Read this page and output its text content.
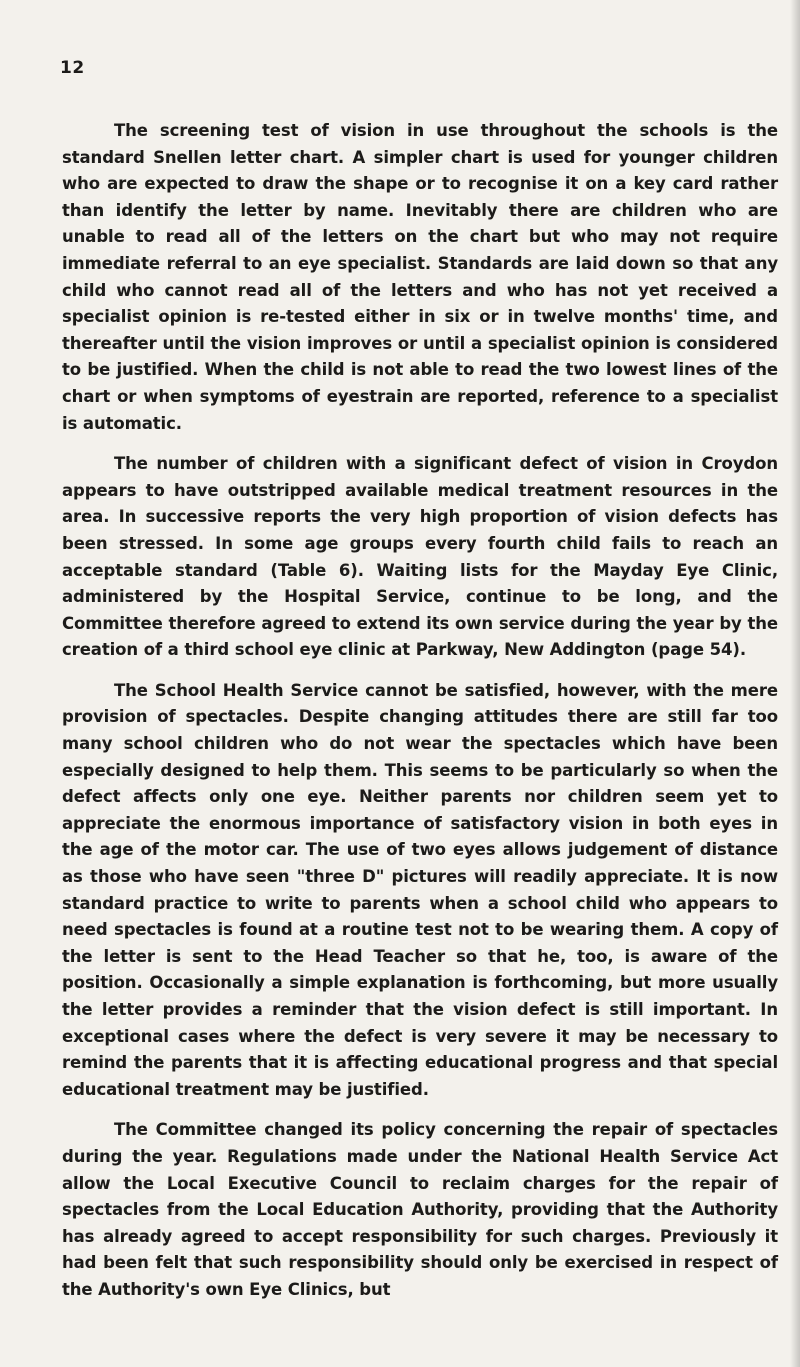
12

The screening test of vision in use throughout the schools is the standard Snellen letter chart. A simpler chart is used for younger children who are expected to draw the shape or to recognise it on a key card rather than identify the letter by name. Inevitably there are children who are unable to read all of the letters on the chart but who may not require immediate referral to an eye specialist. Standards are laid down so that any child who cannot read all of the letters and who has not yet received a specialist opinion is re-tested either in six or in twelve months' time, and thereafter until the vision improves or until a specialist opinion is considered to be justified. When the child is not able to read the two lowest lines of the chart or when symptoms of eyestrain are reported, reference to a specialist is automatic.

The number of children with a significant defect of vision in Croydon appears to have outstripped available medical treatment resources in the area. In successive reports the very high proportion of vision defects has been stressed. In some age groups every fourth child fails to reach an acceptable standard (Table 6). Waiting lists for the Mayday Eye Clinic, administered by the Hospital Service, continue to be long, and the Committee therefore agreed to extend its own service during the year by the creation of a third school eye clinic at Parkway, New Addington (page 54).

The School Health Service cannot be satisfied, however, with the mere provision of spectacles. Despite changing attitudes there are still far too many school children who do not wear the spectacles which have been especially designed to help them. This seems to be particularly so when the defect affects only one eye. Neither parents nor children seem yet to appreciate the enormous importance of satisfactory vision in both eyes in the age of the motor car. The use of two eyes allows judgement of distance as those who have seen "three D" pictures will readily appreciate. It is now standard practice to write to parents when a school child who appears to need spectacles is found at a routine test not to be wearing them. A copy of the letter is sent to the Head Teacher so that he, too, is aware of the position. Occasionally a simple explanation is forthcoming, but more usually the letter provides a reminder that the vision defect is still important. In exceptional cases where the defect is very severe it may be necessary to remind the parents that it is affecting educational progress and that special educational treatment may be justified.

The Committee changed its policy concerning the repair of spectacles during the year. Regulations made under the National Health Service Act allow the Local Executive Council to reclaim charges for the repair of spectacles from the Local Education Authority, providing that the Authority has already agreed to accept responsibility for such charges. Previously it had been felt that such responsibility should only be exercised in respect of the Authority's own Eye Clinics, but
